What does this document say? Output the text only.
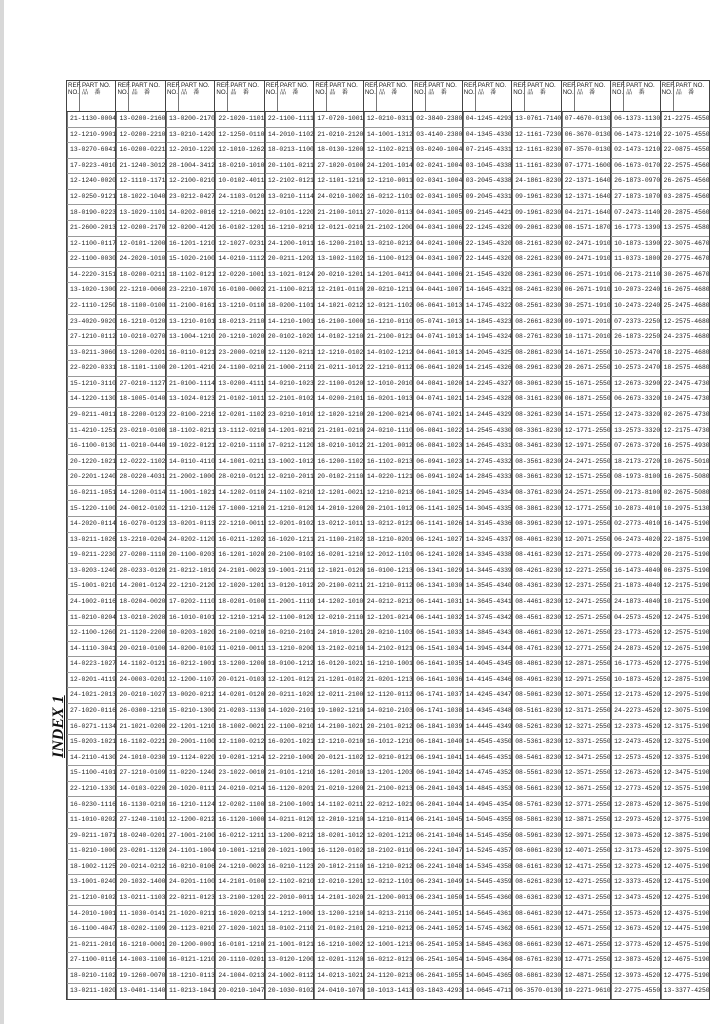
INDEX 1
REF.
NO.
PART NO.
品　番
21-1130-0004
12-1210-9901
13-0270-6041
17-0223-4010
12-1240-0020
12-0250-9121
18-0190-0223
21-2600-2013
12-1100-0117
22-1100-0030
14-2220-3151
13-1020-1300
22-1110-1250
23-4020-9020
27-1210-0112
13-0211-3060
22-0220-0331
15-1210-3110
14-1220-1130
29-0211-4011
11-4210-1251
16-1100-0130
20-1220-1021
20-2201-1240
16-0211-1051
15-1220-1100
14-2020-0114
13-0211-1026
19-0211-2230
13-0203-1240
15-1001-0210
24-1002-0116
11-0210-0204
12-1100-1260
14-1110-3041
14-0223-1027
12-0201-4119
24-1021-2013
27-1020-0116
16-0271-1134
15-0203-1021
14-2110-4130
15-1100-4101
22-1210-1330
16-0230-1116
11-1010-0202
29-0211-1071
11-0210-1000
18-1002-1125
13-1001-0240
21-1210-0102
14-2010-1001
16-1100-4047
21-0211-2010
27-1100-0116
18-0210-1102
13-0211-1020
REF.
NO.
PART NO.
品　番
13-0200-2160
12-0200-2210
16-0200-0221
21-1240-3012
12-1110-1171
18-1022-1040
13-1029-1101
12-0200-2170
12-0101-1200
24-2020-1010
18-0200-0211
22-1210-0060
18-1100-0100
16-1210-0120
10-0210-0270
13-1200-0201
18-1101-1100
27-0210-1127
18-1005-0140
18-2200-0123
23-0210-0108
11-0210-0440
12-0222-1102
28-0220-4031
14-1200-0114
24-0012-0102
16-0270-0123
13-2210-0204
27-0200-1110
28-0233-0120
14-2001-0124
18-0204-0020
13-0210-2028
21-1120-2200
20-0210-0100
14-1102-0121
24-0003-0201
20-0210-1027
26-0300-1210
21-1021-0200
16-1102-0221
24-1010-0230
27-1210-0109
14-0103-0220
16-1130-0210
27-1240-1101
18-0240-0201
23-0201-1120
20-0214-0212
20-1032-1400
13-0211-1103
11-1030-0141
18-0202-1109
16-1210-0001
14-1003-1100
19-1260-0070
13-0401-1140
REF.
NO.
PART NO.
品　番
13-0200-2170
13-0210-1420
12-2010-1220
28-1004-3412
12-2100-0210
23-0212-0427
14-0202-0016
12-0200-4120
16-1201-1210
15-1020-2100
18-1102-0121
23-2210-1070
11-2100-0161
13-1210-0101
13-1004-1210
16-0110-0121
20-1201-4210
21-0100-1114
13-1024-0123
22-0100-2216
18-1102-0211
19-1022-0121
14-0110-4110
21-2002-1000
11-1001-1021
11-1210-1126
13-0201-0113
24-0202-1120
20-1100-0203
21-0212-1010
22-1210-2120
17-0202-1110
16-1010-0101
10-0203-1020
14-0200-0102
16-0212-1001
12-1200-1107
13-0020-0212
15-0210-1300
22-1201-1210
20-2001-1100
19-1124-0220
11-0220-1240
20-1020-0111
16-1210-1124
12-1200-0212
27-1001-2100
24-1101-1004
16-0210-0106
24-0201-1100
22-0211-0123
21-1020-0211
20-1123-0210
20-1200-0001
16-0121-1210
18-1210-0113
11-0213-1041
REF.
NO.
PART NO.
品　番
22-1020-1101
12-1250-0110
12-1010-1262
18-0210-1010
10-0102-4011
24-1103-0120
12-1210-0021
16-0102-1201
12-1027-0231
14-0210-1112
12-0220-1001
16-0100-0002
13-1210-0110
18-0213-2110
20-1210-1020
23-2000-0210
24-1100-0210
13-0200-4111
21-0102-1011
12-0201-1102
13-1112-0210
12-0210-1110
14-1001-0211
28-0210-0121
14-1202-0110
17-1000-1210
22-1210-0011
16-0211-1202
16-1201-1020
24-2101-0023
12-1020-1201
18-0201-0100
12-1210-1214
16-2100-0210
11-0210-0011
13-1200-1200
20-0121-0103
14-0201-0120
21-0203-1130
18-1002-0021
12-1100-0212
19-0201-1214
23-1022-0010
24-0210-0214
12-0202-1100
16-1120-1000
16-0212-1211
10-1001-1210
24-1210-0023
14-2101-0100
13-2100-1201
16-1020-0213
27-1020-1021
16-0101-1210
20-1110-0201
24-1004-0213
20-0210-1047
REF.
NO.
PART NO.
品　番
22-1100-1111
14-2010-1102
18-0213-1100
20-1101-0211
12-2102-0121
13-0210-1114
12-0101-1220
16-1210-0210
24-1200-1011
20-0211-1202
13-1021-0124
21-1100-0212
18-0200-1101
14-1210-1001
20-0102-1020
12-1120-0211
21-1000-2110
14-0210-1023
12-2101-0102
23-0210-1010
14-1201-0210
17-0212-1120
13-1002-1012
12-0210-2011
24-1102-0210
21-1210-0120
12-0201-0102
16-1020-1211
20-2100-0102
19-1001-2110
13-0120-1012
11-2001-1110
12-1100-0120
16-0210-2101
13-1210-0200
18-0100-1212
12-1201-0121
20-0211-1020
14-1020-2101
22-1100-0210
16-0201-1021
12-2210-1000
21-0101-1210
16-1120-0201
18-2100-1001
14-0211-0120
13-1200-0212
20-1021-1001
16-0210-1123
12-1102-0210
22-2010-0011
14-1212-1000
18-0102-2110
21-1001-0121
13-0120-1200
24-1002-0112
20-1030-0102
REF.
NO.
PART NO.
品　番
17-0720-1001
21-0210-2120
18-0130-1200
27-1020-0100
12-1101-1210
24-0210-1002
21-2100-1011
12-0121-0210
16-1200-2101
13-1002-1102
20-0210-1201
12-2101-0110
14-1021-0212
16-2100-1000
14-0102-1210
12-1210-0102
21-0211-1012
22-1100-0120
14-0200-2101
12-1020-1210
21-2101-0210
18-0210-1012
16-1200-1102
20-0102-2110
12-1201-0021
14-2010-1200
13-0212-1011
21-1100-2102
16-0201-1210
12-1021-0120
20-2100-0211
14-1202-1010
12-0210-2110
24-1010-1201
13-2102-0210
16-0120-1021
21-1201-0102
12-0211-2100
19-1002-1210
14-2100-1021
12-1210-0210
20-0121-1102
16-1201-2010
21-0210-1200
14-1102-0211
12-2010-1210
18-0201-1012
16-1120-0102
20-1012-2110
12-0210-1201
14-2101-1020
13-1200-1210
21-0102-2101
16-1210-1002
12-0201-1120
14-0213-1021
24-0410-1070
REF.
NO.
PART NO.
品　番
12-0210-0311
14-1001-1312
12-1102-0213
24-1201-1014
12-1210-0011
16-0212-1101
27-1020-0113
21-2102-1200
13-0210-0212
16-1100-0123
14-1201-0412
20-0210-1211
12-0121-1102
16-1210-0110
21-2100-0121
14-0102-1212
22-1210-0112
12-1010-2010
16-0201-1013
20-1200-0214
24-0210-1110
21-1201-0012
16-1102-0213
14-0220-1121
12-1210-0213
20-2101-1012
13-0212-0121
18-1210-0201
12-2012-1101
16-0100-1213
21-1210-0112
24-0212-0212
12-1201-0214
20-0210-1103
14-2102-0121
16-1210-1001
21-0201-1213
12-1120-0112
14-0210-2103
20-2101-0212
16-1012-1210
12-0210-0121
13-1201-1203
21-2100-0213
22-0212-1021
14-1210-0114
12-0201-1212
18-2102-0110
16-1210-0212
12-0212-1101
21-1200-0013
14-0213-2110
20-1210-0212
12-1001-1213
16-0212-0121
24-1120-0213
10-1013-1413
REF.
NO.
PART NO.
品　番
02-3840-2380
03-4140-2380
03-0240-1004
02-0241-1004
02-0341-1004
02-0341-1005
04-0341-1005
04-0341-1006
04-0241-1006
04-0341-1007
04-0441-1006
04-0441-1007
06-0641-1013
05-0741-1013
04-0741-1013
04-0641-1013
06-0641-1020
04-0841-1020
04-0741-1021
06-0741-1021
06-0841-1022
06-0841-1023
06-0941-1023
06-0941-1024
06-1041-1025
06-1141-1025
06-1141-1026
06-1241-1027
06-1241-1028
06-1341-1029
06-1341-1030
06-1441-1031
06-1441-1032
06-1541-1033
06-1541-1034
06-1641-1035
06-1641-1036
06-1741-1037
06-1741-1038
06-1841-1039
06-1841-1040
06-1941-1041
06-1941-1042
06-2041-1043
06-2041-1044
06-2141-1045
06-2141-1046
06-2241-1047
06-2241-1048
06-2341-1049
06-2341-1050
06-2441-1051
06-2441-1052
06-2541-1053
06-2541-1054
06-2641-1055
03-1843-4293
REF.
NO.
PART NO.
品　番
04-1245-4293
04-1345-4330
07-2145-4331
03-1045-4338
03-2045-4338
09-2045-4331
09-2145-4421
22-1245-4320
22-1345-4320
22-1445-4320
21-1545-4320
14-1645-4321
14-1745-4322
14-1845-4323
14-1945-4324
14-2045-4325
14-2145-4326
14-2245-4327
14-2345-4328
14-2445-4329
14-2545-4330
14-2645-4331
14-2745-4332
14-2845-4333
14-2945-4334
14-3045-4335
14-3145-4336
14-3245-4337
14-3345-4338
14-3445-4339
14-3545-4340
14-3645-4341
14-3745-4342
14-3845-4343
14-3945-4344
14-4045-4345
14-4145-4346
14-4245-4347
14-4345-4348
14-4445-4349
14-4545-4350
14-4645-4351
14-4745-4352
14-4845-4353
14-4945-4354
14-5045-4355
14-5145-4356
14-5245-4357
14-5345-4358
14-5445-4359
14-5545-4360
14-5645-4361
14-5745-4362
14-5845-4363
14-5945-4364
14-6045-4365
14-0645-4711
REF.
NO.
PART NO.
品　番
13-0761-7140
12-1161-7230
12-1161-8230
11-1161-8230
24-1861-8230
09-1961-8230
09-1961-8230
09-2061-8230
08-2161-8230
08-2261-8230
08-2361-8230
08-2461-8230
08-2561-8230
08-2661-8230
08-2761-8230
08-2861-8230
08-2961-8230
08-3061-8230
08-3161-8230
08-3261-8230
08-3361-8230
08-3461-8230
08-3561-8230
08-3661-8230
08-3761-8230
08-3861-8230
08-3961-8230
08-4061-8230
08-4161-8230
08-4261-8230
08-4361-8230
08-4461-8230
08-4561-8230
08-4661-8230
08-4761-8230
08-4861-8230
08-4961-8230
08-5061-8230
08-5161-8230
08-5261-8230
08-5361-8230
08-5461-8230
08-5561-8230
08-5661-8230
08-5761-8230
08-5861-8230
08-5961-8230
08-6061-8230
08-6161-8230
08-6261-8230
08-6361-8230
08-6461-8230
08-6561-8230
08-6661-8230
08-6761-8230
08-6861-8230
06-3570-0130
REF.
NO.
PART NO.
品　番
07-4670-0130
06-3670-0130
07-3570-0130
07-1771-1600
22-1371-1640
12-1371-1640
04-2171-1640
08-1571-1870
02-2471-1910
09-2471-1910
06-2571-1910
06-2671-1910
30-2571-1910
09-1971-2010
10-1171-2010
14-1671-2550
20-2671-2550
15-1671-2550
06-1871-2550
14-1571-2550
12-1771-2550
12-1971-2550
24-2471-2550
12-1571-2550
24-2571-2550
12-1771-2550
12-1971-2550
12-2071-2550
12-2171-2550
12-2271-2550
12-2371-2550
12-2471-2550
12-2571-2550
12-2671-2550
12-2771-2550
12-2871-2550
12-2971-2550
12-3071-2550
12-3171-2550
12-3271-2550
12-3371-2550
12-3471-2550
12-3571-2550
12-3671-2550
12-3771-2550
12-3871-2550
12-3971-2550
12-4071-2550
12-4171-2550
12-4271-2550
12-4371-2550
12-4471-2550
12-4571-2550
12-4671-2550
12-4771-2550
12-4871-2550
10-2271-9610
REF.
NO.
PART NO.
品　番
06-1373-1130
06-1473-1210
02-1473-1210
06-1673-0170
26-1873-0970
27-1873-1070
07-2473-1140
16-1773-1390
10-1873-1390
11-0373-1800
06-2173-2110
10-2073-2240
10-2473-2240
07-2373-2250
26-1873-2250
10-2573-2470
10-2573-2470
12-2673-3290
06-2673-3320
12-2473-3320
13-2573-3320
07-2673-3720
18-2173-2720
08-1973-8100
09-2173-8100
10-2873-4010
02-2773-4010
06-2473-4020
09-2773-4020
16-1473-4040
21-1873-4040
24-1873-4040
04-2573-4520
23-1773-4520
24-2873-4520
16-1773-4520
10-1873-4520
12-2173-4520
24-2273-4520
12-2373-4520
12-2473-4520
12-2573-4520
12-2673-4520
12-2773-4520
12-2873-4520
12-2973-4520
12-3073-4520
12-3173-4520
12-3273-4520
12-3373-4520
12-3473-4520
12-3573-4520
12-3673-4520
12-3773-4520
12-3873-4520
12-3973-4520
22-2775-4550
REF.
NO.
PART NO.
品　番
21-2275-4550
22-1075-4550
22-0875-4550
22-2575-4560
26-2675-4560
03-2875-4560
20-2875-4560
13-2575-4580
22-3075-4670
20-2775-4670
30-2675-4670
16-2675-4680
25-2475-4680
12-2575-4680
24-2375-4680
18-2275-4680
18-2575-4680
22-2475-4730
10-2475-4730
02-2675-4730
12-2175-4730
16-2575-4930
10-2675-5010
16-2675-5080
02-2675-5080
10-2975-5130
16-1475-5190
22-1875-5190
20-2175-5190
06-2375-5190
12-2175-5190
10-2175-5190
12-2475-5190
12-2575-5190
12-2675-5190
12-2775-5190
12-2875-5190
12-2975-5190
12-3075-5190
12-3175-5190
12-3275-5190
12-3375-5190
12-3475-5190
12-3575-5190
12-3675-5190
12-3775-5190
12-3875-5190
12-3975-5190
12-4075-5190
12-4175-5190
12-4275-5190
12-4375-5190
12-4475-5190
12-4575-5190
12-4675-5190
12-4775-5190
13-3377-4250
